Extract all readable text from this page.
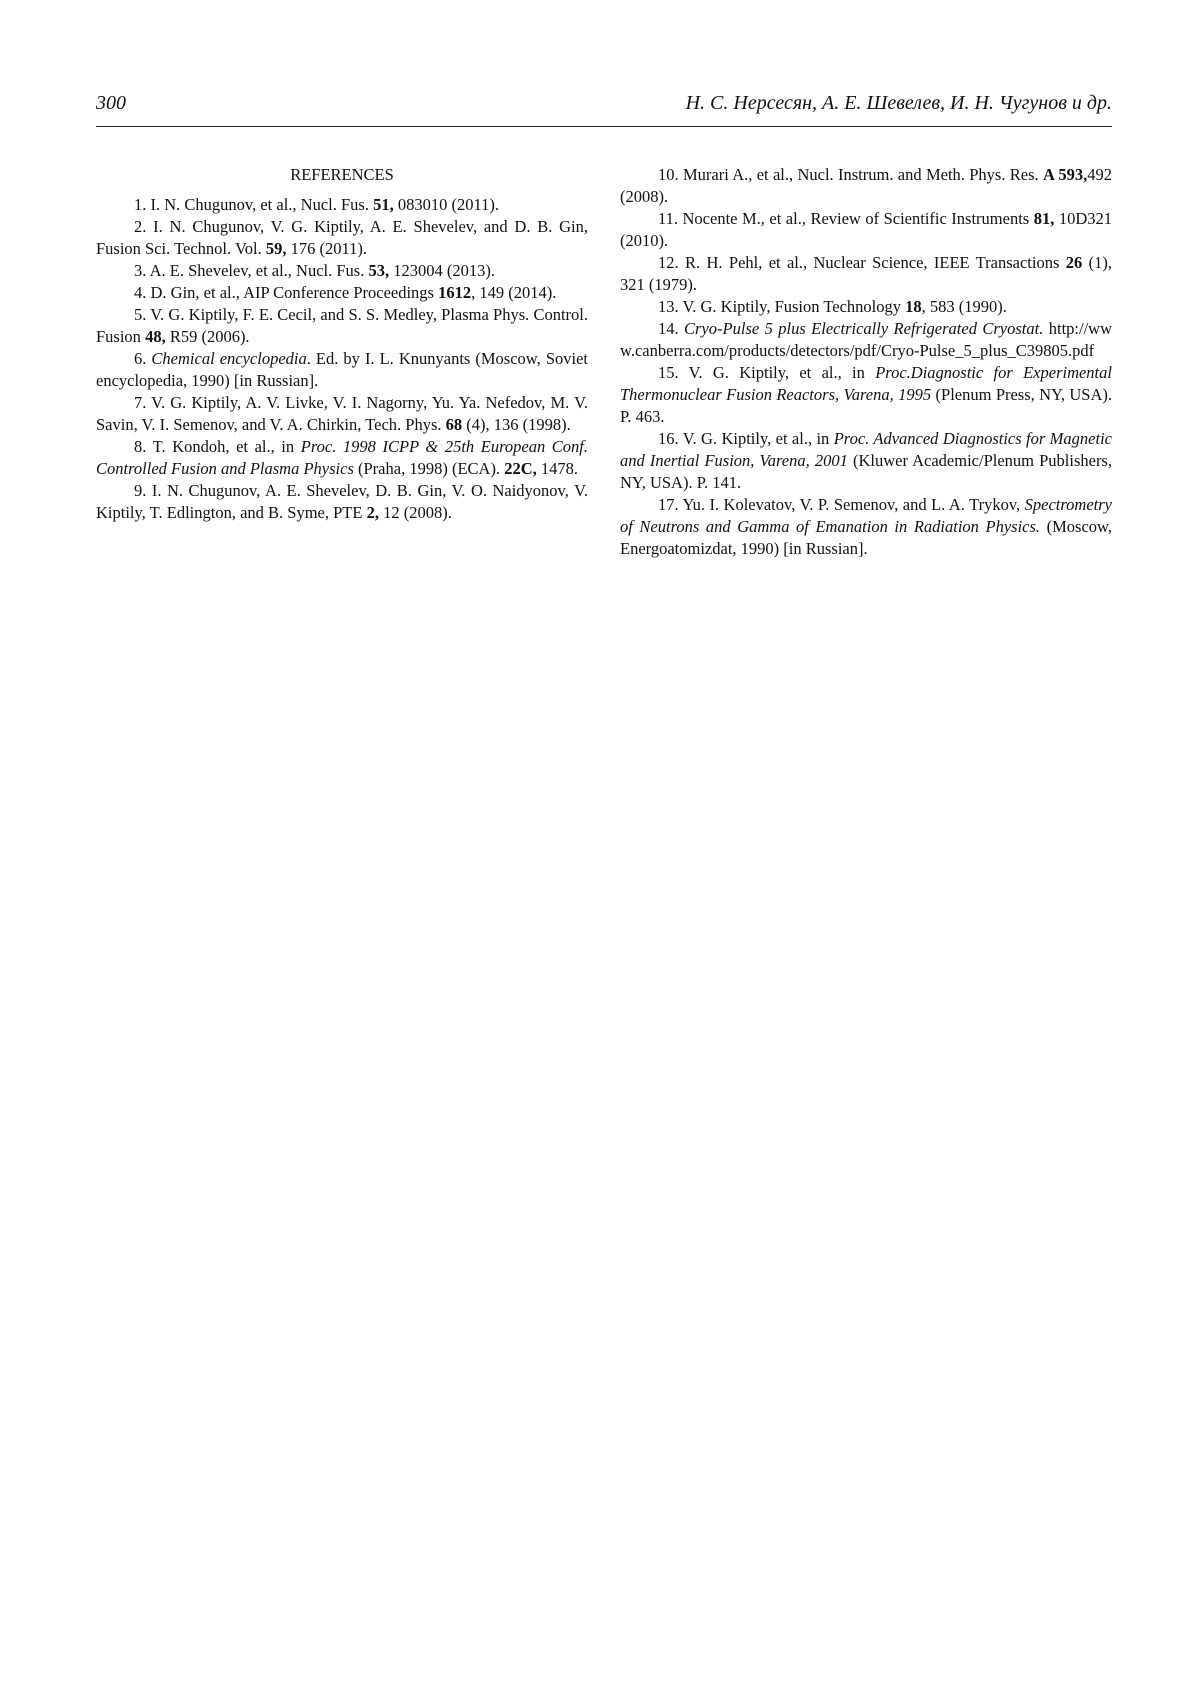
300	Н. С. Нерсесян, А. Е. Шевелев, И. Н. Чугунов и др.

REFERENCES

1. I. N. Chugunov, et al., Nucl. Fus. 51, 083010 (2011).

2. I. N. Chugunov, V. G. Kiptily, A. E. Shevelev, and D. B. Gin, Fusion Sci. Technol. Vol. 59, 176 (2011).

3. A. E. Shevelev, et al., Nucl. Fus. 53, 123004 (2013).

4. D. Gin, et al., AIP Conference Proceedings 1612, 149 (2014).

5. V. G. Kiptily, F. E. Cecil, and S. S. Medley, Plasma Phys. Control. Fusion 48, R59 (2006).

6. Chemical encyclopedia. Ed. by I. L. Knunyants (Moscow, Soviet encyclopedia, 1990) [in Russian].

7. V. G. Kiptily, A. V. Livke, V. I. Nagorny, Yu. Ya. Nefedov, M. V. Savin, V. I. Semenov, and V. A. Chirkin, Tech. Phys. 68 (4), 136 (1998).

8. T. Kondoh, et al., in Proc. 1998 ICPP & 25th European Conf. Controlled Fusion and Plasma Physics (Praha, 1998) (ECA). 22C, 1478.

9. I. N. Chugunov, A. E. Shevelev, D. B. Gin, V. O. Naidyonov, V. Kiptily, T. Edlington, and B. Syme, PTE 2, 12 (2008).

10. Murari A., et al., Nucl. Instrum. and Meth. Phys. Res. A 593,492 (2008).

11. Nocente M., et al., Review of Scientific Instruments 81, 10D321 (2010).

12. R. H. Pehl, et al., Nuclear Science, IEEE Transactions 26 (1), 321 (1979).

13. V. G. Kiptily, Fusion Technology 18, 583 (1990).

14. Cryo-Pulse 5 plus Electrically Refrigerated Cryostat. http://www.canberra.com/products/detectors/pdf/Cryo-Pulse_5_plus_C39805.pdf

15. V. G. Kiptily, et al., in Proc.Diagnostic for Experimental Thermonuclear Fusion Reactors, Varena, 1995 (Plenum Press, NY, USA). P. 463.

16. V. G. Kiptily, et al., in Proc. Advanced Diagnostics for Magnetic and Inertial Fusion, Varena, 2001 (Kluwer Academic/Plenum Publishers, NY, USA). P. 141.

17. Yu. I. Kolevatov, V. P. Semenov, and L. A. Trykov, Spectrometry of Neutrons and Gamma of Emanation in Radiation Physics. (Moscow, Energoatomizdat, 1990) [in Russian].
